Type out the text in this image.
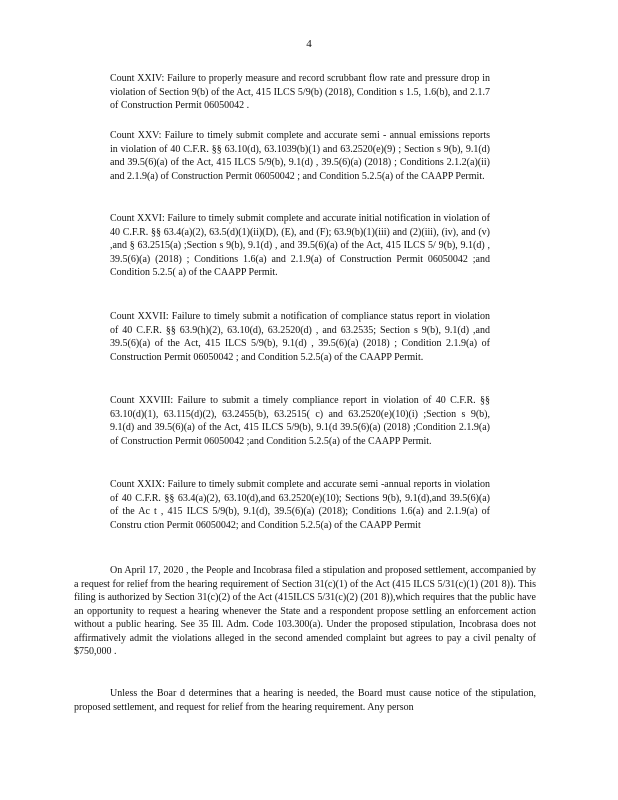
4

Count XXIV: Failure to properly measure and record scrubbant flow rate and pressure drop in violation of Section 9(b) of the Act, 415 ILCS 5/9(b) (2018), Condition s 1.5, 1.6(b), and 2.1.7 of Construction Permit 06050042 .

Count XXV: Failure to timely submit complete and accurate semi - annual emissions reports in violation of 40 C.F.R. §§ 63.10(d), 63.1039(b)(1) and 63.2520(e)(9) ; Section s 9(b), 9.1(d) and 39.5(6)(a) of the Act, 415 ILCS 5/9(b), 9.1(d) , 39.5(6)(a) (2018) ; Conditions 2.1.2(a)(ii) and 2.1.9(a) of Construction Permit 06050042 ; and Condition 5.2.5(a) of the CAAPP Permit.

Count XXVI: Failure to timely submit complete and accurate initial notification in violation of 40 C.F.R. §§ 63.4(a)(2), 63.5(d)(1)(ii)(D), (E), and (F); 63.9(b)(1)(iii) and (2)(iii), (iv), and (v) ,and § 63.2515(a) ;Section s 9(b), 9.1(d) , and 39.5(6)(a) of the Act, 415 ILCS 5/ 9(b), 9.1(d) , 39.5(6)(a) (2018) ; Conditions 1.6(a) and 2.1.9(a) of Construction Permit 06050042 ;and Condition 5.2.5( a) of the CAAPP Permit.

Count XXVII: Failure to timely submit a notification of compliance status report in violation of 40 C.F.R. §§ 63.9(h)(2), 63.10(d), 63.2520(d) , and 63.2535; Section s 9(b), 9.1(d) ,and 39.5(6)(a) of the Act, 415 ILCS 5/9(b), 9.1(d) , 39.5(6)(a) (2018) ; Condition 2.1.9(a) of Construction Permit 06050042 ; and Condition 5.2.5(a) of the CAAPP Permit.

Count XXVIII: Failure to submit a timely compliance report in violation of 40 C.F.R. §§ 63.10(d)(1), 63.115(d)(2), 63.2455(b), 63.2515( c) and 63.2520(e)(10)(i) ;Section s 9(b), 9.1(d) and 39.5(6)(a) of the Act, 415 ILCS 5/9(b), 9.1(d 39.5(6)(a) (2018) ;Condition 2.1.9(a) of Construction Permit 06050042 ;and Condition 5.2.5(a) of the CAAPP Permit.

Count XXIX: Failure to timely submit complete and accurate semi -annual reports in violation of 40 C.F.R. §§ 63.4(a)(2), 63.10(d),and 63.2520(e)(10); Sections 9(b), 9.1(d),and 39.5(6)(a) of the Ac t , 415 ILCS 5/9(b), 9.1(d), 39.5(6)(a) (2018); Conditions 1.6(a) and 2.1.9(a) of Constru ction Permit 06050042; and Condition 5.2.5(a) of the CAAPP Permit

On April 17, 2020 , the People and Incobrasa filed a stipulation and proposed settlement, accompanied by a request for relief from the hearing requirement of Section 31(c)(1) of the Act (415 ILCS 5/31(c)(1) (201 8)). This filing is authorized by Section 31(c)(2) of the Act (415ILCS 5/31(c)(2) (201 8)),which requires that the public have an opportunity to request a hearing whenever the State and a respondent propose settling an enforcement action without a public hearing. See 35 Ill. Adm. Code 103.300(a). Under the proposed stipulation, Incobrasa does not affirmatively admit the violations alleged in the second amended complaint but agrees to pay a civil penalty of $750,000 .

Unless the Boar d determines that a hearing is needed, the Board must cause notice of the stipulation, proposed settlement, and request for relief from the hearing requirement. Any person
